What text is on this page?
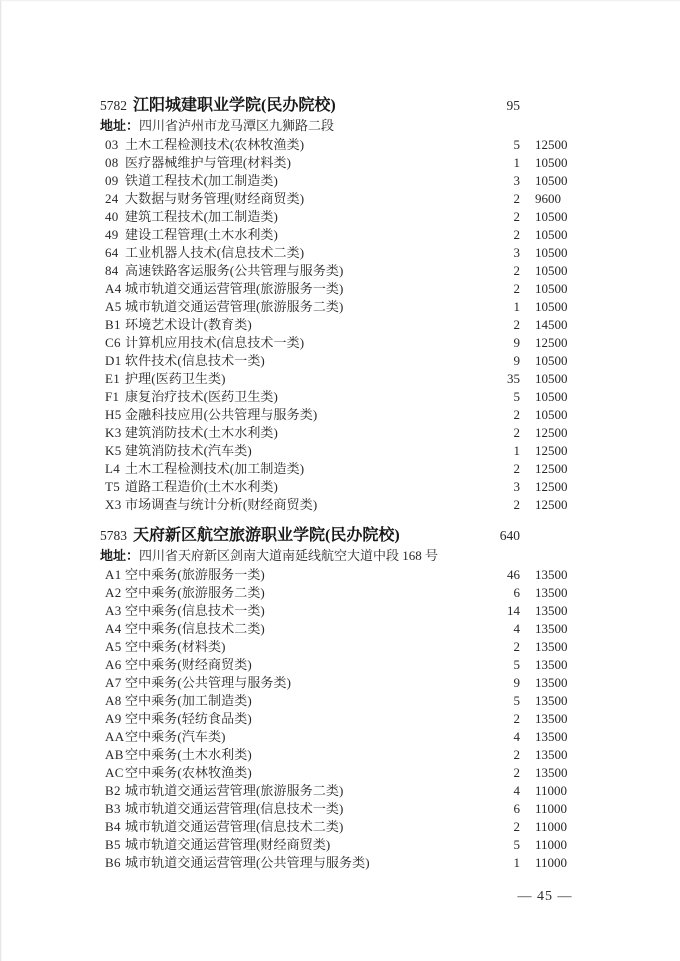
5782 江阳城建职业学院(民办院校)	95
地址：四川省泸州市龙马潭区九狮路二段
03 土木工程检测技术(农林牧渔类)	5 12500
08 医疗器械维护与管理(材料类)	1 10500
09 铁道工程技术(加工制造类)	3 10500
24 大数据与财务管理(财经商贸类)	2 9600
40 建筑工程技术(加工制造类)	2 10500
49 建设工程管理(土木水利类)	2 10500
64 工业机器人技术(信息技术二类)	3 10500
84 高速铁路客运服务(公共管理与服务类)	2 10500
A4 城市轨道交通运营管理(旅游服务一类)	2 10500
A5 城市轨道交通运营管理(旅游服务二类)	1 10500
B1 环境艺术设计(教育类)	2 14500
C6 计算机应用技术(信息技术一类)	9 12500
D1 软件技术(信息技术一类)	9 10500
E1 护理(医药卫生类)	35 10500
F1 康复治疗技术(医药卫生类)	5 10500
H5 金融科技应用(公共管理与服务类)	2 10500
K3 建筑消防技术(土木水利类)	2 12500
K5 建筑消防技术(汽车类)	1 12500
L4 土木工程检测技术(加工制造类)	2 12500
T5 道路工程造价(土木水利类)	3 12500
X3 市场调查与统计分析(财经商贸类)	2 12500
5783 天府新区航空旅游职业学院(民办院校)	640
地址：四川省天府新区剑南大道南延线航空大道中段 168 号
A1 空中乘务(旅游服务一类)	46 13500
A2 空中乘务(旅游服务二类)	6 13500
A3 空中乘务(信息技术一类)	14 13500
A4 空中乘务(信息技术二类)	4 13500
A5 空中乘务(材料类)	2 13500
A6 空中乘务(财经商贸类)	5 13500
A7 空中乘务(公共管理与服务类)	9 13500
A8 空中乘务(加工制造类)	5 13500
A9 空中乘务(轻纺食品类)	2 13500
AA 空中乘务(汽车类)	4 13500
AB 空中乘务(土木水利类)	2 13500
AC 空中乘务(农林牧渔类)	2 13500
B2 城市轨道交通运营管理(旅游服务二类)	4 11000
B3 城市轨道交通运营管理(信息技术一类)	6 11000
B4 城市轨道交通运营管理(信息技术二类)	2 11000
B5 城市轨道交通运营管理(财经商贸类)	5 11000
B6 城市轨道交通运营管理(公共管理与服务类)	1 11000
— 45 —
